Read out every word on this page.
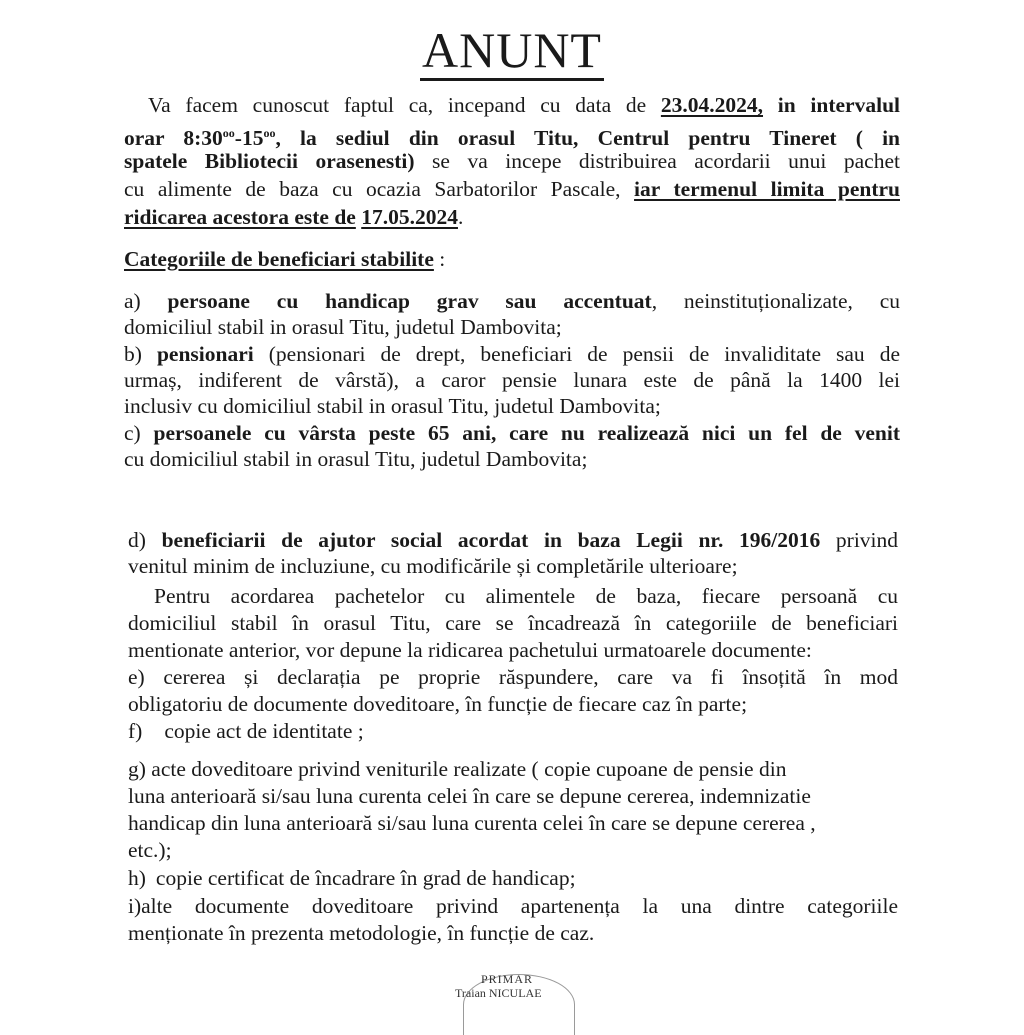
ANUNT
Va facem cunoscut faptul ca, incepand cu data de 23.04.2024, in intervalul
orar $8:30^{oo}-15^{oo}$, la sediul din orasul Titu, Centrul pentru Tineret ( in
spatele Bibliotecii orasenesti) se va incepe distribuirea acordarii unui pachet
cu alimente de baza cu ocazia Sarbatorilor Pascale, iar termenul limita pentru
ridicarea acestora este de 17.05.2024.
Categoriile de beneficiari stabilite :
a) persoane cu handicap grav sau accentuat, neinstituționalizate, cu
domiciliul stabil in orasul Titu, judetul Dambovita;
b) pensionari (pensionari de drept, beneficiari de pensii de invaliditate sau de
urmaș, indiferent de vârstă), a caror pensie lunara este de până la 1400 lei
inclusiv cu domiciliul stabil in orasul Titu, judetul Dambovita;
c) persoanele cu vârsta peste 65 ani, care nu realizează nici un fel de venit
cu domiciliul stabil in orasul Titu, judetul Dambovita;
d) beneficiarii de ajutor social acordat in baza Legii nr. 196/2016 privind
venitul minim de incluziune, cu modificările și completările ulterioare;
Pentru acordarea pachetelor cu alimentele de baza, fiecare persoană cu
domiciliul stabil în orasul Titu, care se încadrează în categoriile de beneficiari
mentionate anterior, vor depune la ridicarea pachetului urmatoarele documente:
e) cererea și declarația pe proprie răspundere, care va fi însoțită în mod
obligatoriu de documente doveditoare, în funcție de fiecare caz în parte;
f) copie act de identitate ;
g) acte doveditoare privind veniturile realizate ( copie cupoane de pensie din
luna anterioară si/sau luna curenta celei în care se depune cererea, indemnizatie
handicap din luna anterioară si/sau luna curenta celei în care se depune cererea ,
etc.);
h) copie certificat de încadrare în grad de handicap;
i)alte documente doveditoare privind apartenența la una dintre categoriile
menționate în prezenta metodologie, în funcție de caz.
PRIMAR
Traian NICULAE
